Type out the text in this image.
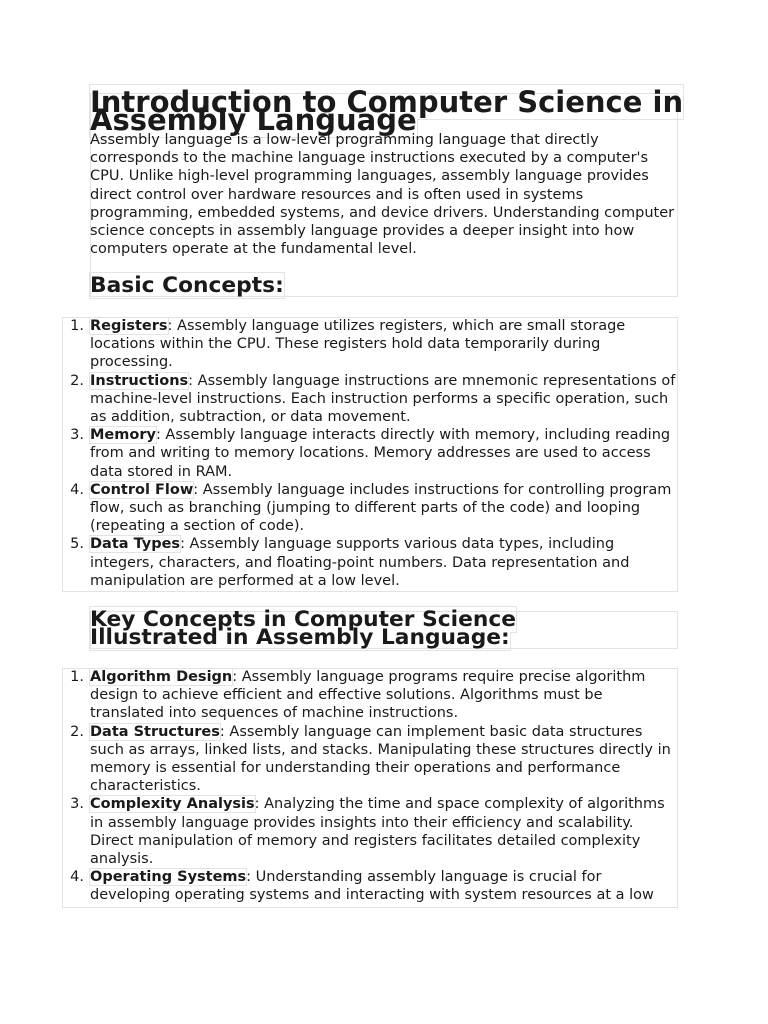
Introduction to Computer Science in Assembly Language

Assembly language is a low-level programming language that directly corresponds to the machine language instructions executed by a computer's CPU. Unlike high-level programming languages, assembly language provides direct control over hardware resources and is often used in systems programming, embedded systems, and device drivers. Understanding computer science concepts in assembly language provides a deeper insight into how computers operate at the fundamental level.

Basic Concepts:
1. Registers: Assembly language utilizes registers, which are small storage locations within the CPU. These registers hold data temporarily during processing.
2. Instructions: Assembly language instructions are mnemonic representations of machine-level instructions. Each instruction performs a specific operation, such as addition, subtraction, or data movement.
3. Memory: Assembly language interacts directly with memory, including reading from and writing to memory locations. Memory addresses are used to access data stored in RAM.
4. Control Flow: Assembly language includes instructions for controlling program flow, such as branching (jumping to different parts of the code) and looping (repeating a section of code).
5. Data Types: Assembly language supports various data types, including integers, characters, and floating-point numbers. Data representation and manipulation are performed at a low level.
Key Concepts in Computer Science Illustrated in Assembly Language:
1. Algorithm Design: Assembly language programs require precise algorithm design to achieve efficient and effective solutions. Algorithms must be translated into sequences of machine instructions.
2. Data Structures: Assembly language can implement basic data structures such as arrays, linked lists, and stacks. Manipulating these structures directly in memory is essential for understanding their operations and performance characteristics.
3. Complexity Analysis: Analyzing the time and space complexity of algorithms in assembly language provides insights into their efficiency and scalability. Direct manipulation of memory and registers facilitates detailed complexity analysis.
4. Operating Systems: Understanding assembly language is crucial for developing operating systems and interacting with system resources at a low
